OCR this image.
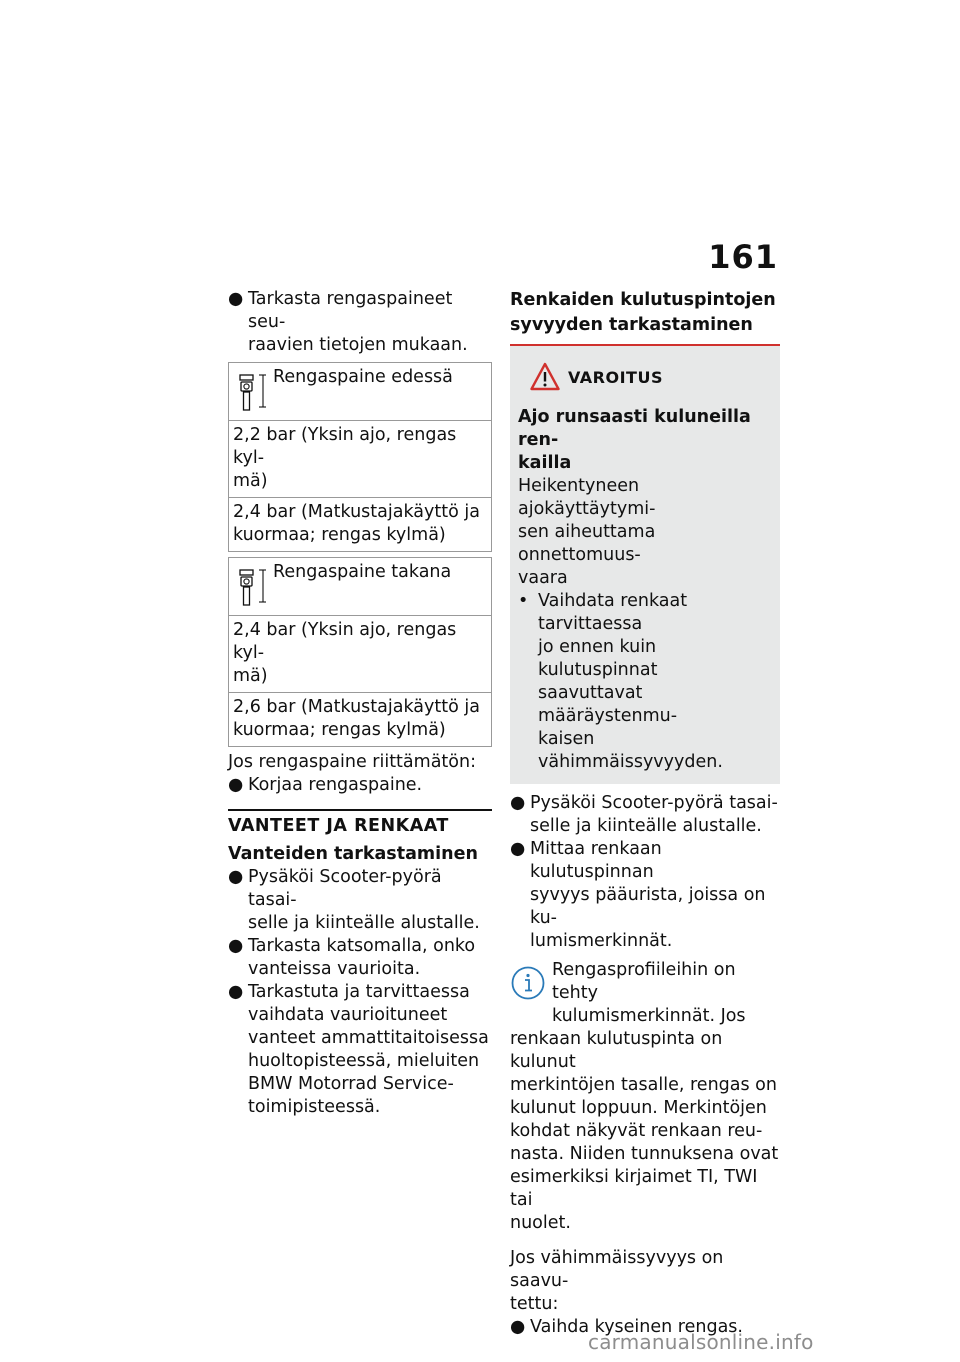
161
● Tarkasta rengaspaineet seu-
raavien tietojen mukaan.
Rengaspaine edessä

2,2 bar (Yksin ajo, rengas kyl-
mä)

2,4 bar (Matkustajakäyttö ja
kuormaa; rengas kylmä)
Rengaspaine takana

2,4 bar (Yksin ajo, rengas kyl-
mä)

2,6 bar (Matkustajakäyttö ja
kuormaa; rengas kylmä)
Jos rengaspaine riittämätön:
● Korjaa rengaspaine.
VANTEET JA RENKAAT
Vanteiden tarkastaminen
● Pysäköi Scooter-pyörä tasai-
selle ja kiinteälle alustalle.
● Tarkasta katsomalla, onko
vanteissa vaurioita.
● Tarkastuta ja tarvittaessa
vaihdata vaurioituneet
vanteet ammattitaitoisessa
huoltopisteessä, mieluiten
BMW Motorrad Service-
toimipisteessä.
Renkaiden kulutuspintojen
syvyyden tarkastaminen
VAROITUS
Ajo runsaasti kuluneilla ren-
kailla
Heikentyneen ajokäyttäytymi-
sen aiheuttama onnettomuus-
vaara
• Vaihdata renkaat tarvittaessa
jo ennen kuin kulutuspinnat
saavuttavat määräystenmu-
kaisen vähimmäissyvyyden.
● Pysäköi Scooter-pyörä tasai-
selle ja kiinteälle alustalle.
● Mittaa renkaan kulutuspinnan
syvyys pääurista, joissa on ku-
lumismerkinnät.
Rengasprofiileihin on tehty
kulumismerkinnät. Jos
renkaan kulutuspinta on kulunut
merkintöjen tasalle, rengas on
kulunut loppuun. Merkintöjen
kohdat näkyvät renkaan reu-
nasta. Niiden tunnuksena ovat
esimerkiksi kirjaimet TI, TWI tai
nuolet.
Jos vähimmäissyvyys on saavu-
tettu:
● Vaihda kyseinen rengas.
carmanualsonline.info
